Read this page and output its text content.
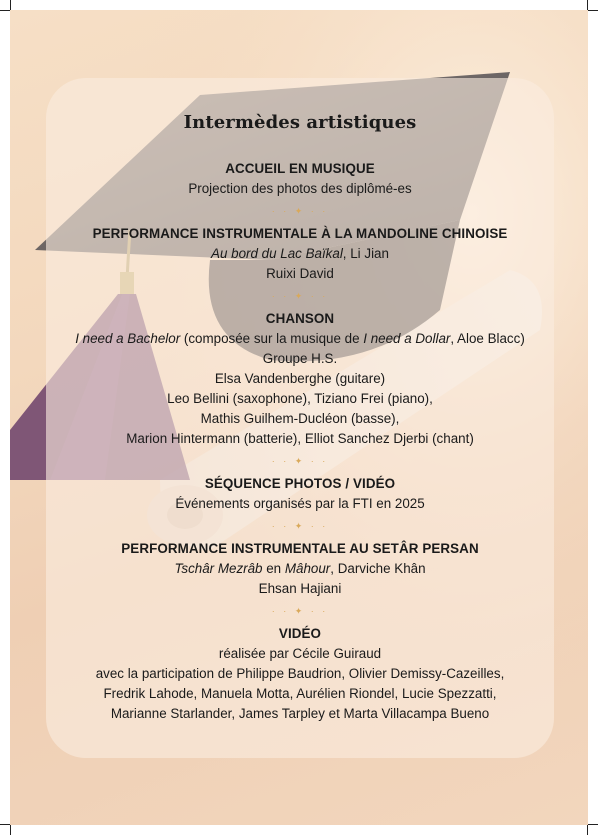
Intermèdes artistiques
ACCUEIL EN MUSIQUE
Projection des photos des diplômé-es
· · ✦ · ·
PERFORMANCE INSTRUMENTALE À LA MANDOLINE CHINOISE
Au bord du Lac Baïkal, Li Jian
Ruixi David
· · ✦ · ·
CHANSON
I need a Bachelor (composée sur la musique de I need a Dollar, Aloe Blacc)
Groupe H.S.
Elsa Vandenberghe (guitare)
Leo Bellini (saxophone), Tiziano Frei (piano),
Mathis Guilhem-Ducléon (basse),
Marion Hintermann (batterie), Elliot Sanchez Djerbi (chant)
· · ✦ · ·
SÉQUENCE PHOTOS / VIDÉO
Événements organisés par la FTI en 2025
· · ✦ · ·
PERFORMANCE INSTRUMENTALE AU SETÂR PERSAN
Tschâr Mezrâb en Mâhour, Darviche Khân
Ehsan Hajiani
· · ✦ · ·
VIDÉO
réalisée par Cécile Guiraud
avec la participation de Philippe Baudrion, Olivier Demissy-Cazeilles,
Fredrik Lahode, Manuela Motta, Aurélien Riondel, Lucie Spezzatti,
Marianne Starlander, James Tarpley et Marta Villacampa Bueno
